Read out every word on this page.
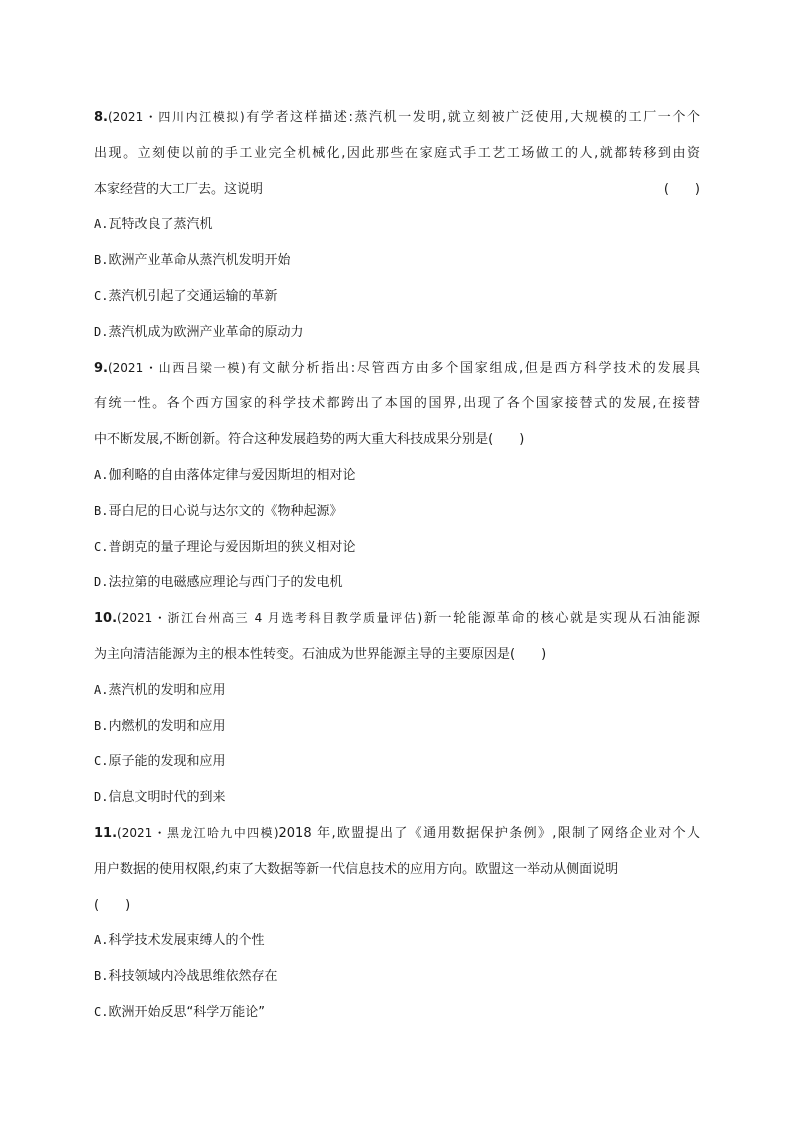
8.(2021・四川内江模拟)有学者这样描述:蒸汽机一发明,就立刻被广泛使用,大规模的工厂一个个
出现。立刻使以前的手工业完全机械化,因此那些在家庭式手工艺工场做工的人,就都转移到由资
本家经营的大工厂去。这说明	(　　)
A.瓦特改良了蒸汽机
B.欧洲产业革命从蒸汽机发明开始
C.蒸汽机引起了交通运输的革新
D.蒸汽机成为欧洲产业革命的原动力
9.(2021・山西吕梁一模)有文献分析指出:尽管西方由多个国家组成,但是西方科学技术的发展具
有统一性。各个西方国家的科学技术都跨出了本国的国界,出现了各个国家接替式的发展,在接替
中不断发展,不断创新。符合这种发展趋势的两大重大科技成果分别是(　　)
A.伽利略的自由落体定律与爱因斯坦的相对论
B.哥白尼的日心说与达尔文的《物种起源》
C.普朗克的量子理论与爱因斯坦的狭义相对论
D.法拉第的电磁感应理论与西门子的发电机
10.(2021・浙江台州高三 4 月选考科目教学质量评估)新一轮能源革命的核心就是实现从石油能源
为主向清洁能源为主的根本性转变。石油成为世界能源主导的主要原因是(　　)
A.蒸汽机的发明和应用
B.内燃机的发明和应用
C.原子能的发现和应用
D.信息文明时代的到来
11.(2021・黑龙江哈九中四模)2018 年,欧盟提出了《通用数据保护条例》,限制了网络企业对个人
用户数据的使用权限,约束了大数据等新一代信息技术的应用方向。欧盟这一举动从侧面说明
(　　)
A.科学技术发展束缚人的个性
B.科技领域内冷战思维依然存在
C.欧洲开始反思“科学万能论”
